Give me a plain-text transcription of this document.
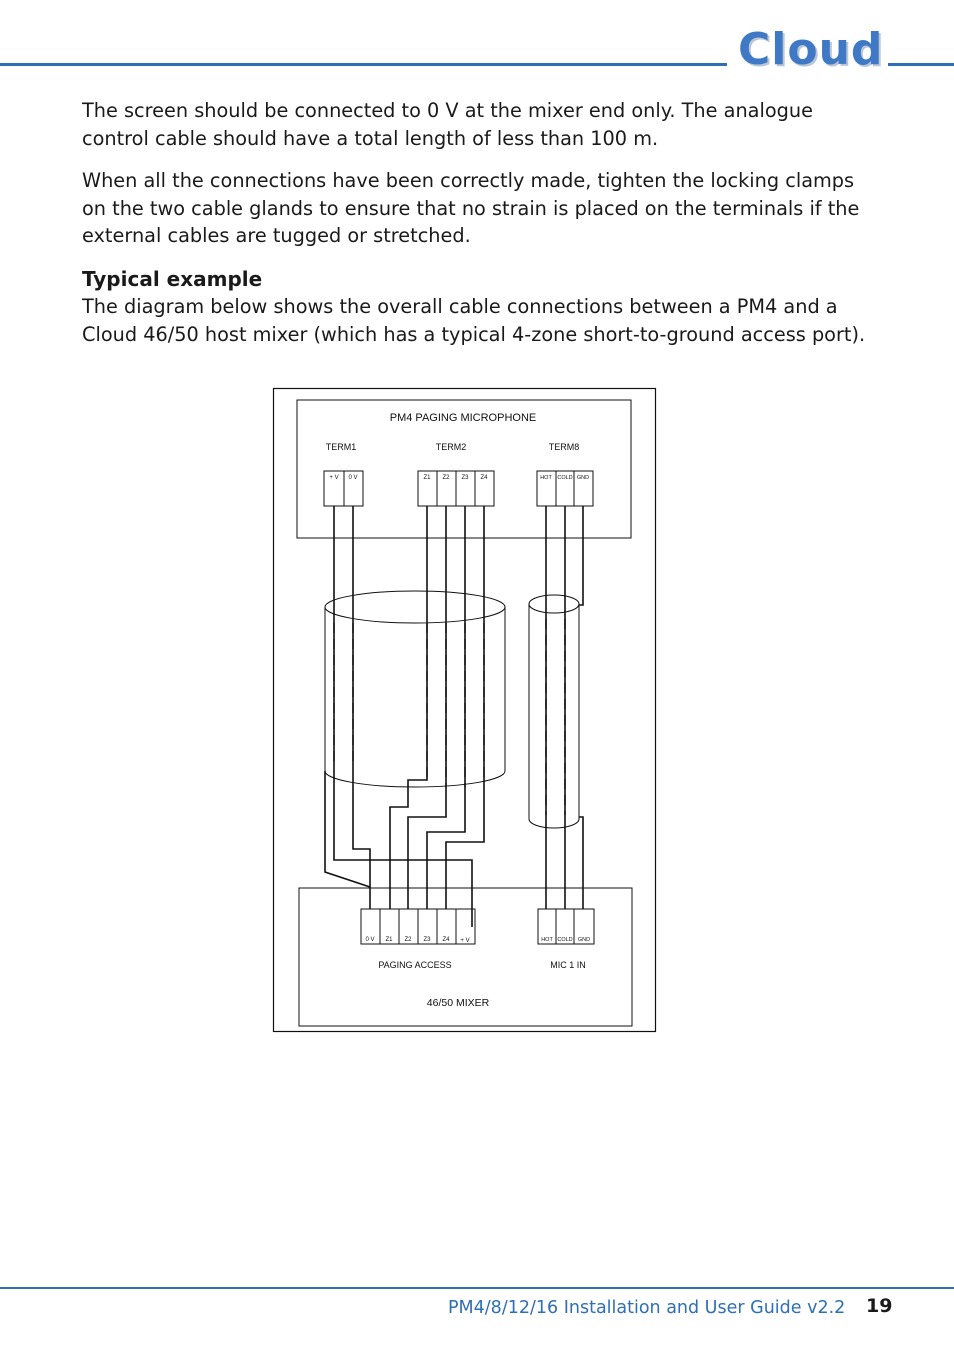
Cloud

The screen should be connected to 0 V at the mixer end only. The analogue control cable should have a total length of less than 100 m.

When all the connections have been correctly made, tighten the locking clamps on the two cable glands to ensure that no strain is placed on the terminals if the external cables are tugged or stretched.

Typical example

The diagram below shows the overall cable connections between a PM4 and a Cloud 46/50 host mixer (which has a typical 4-zone short-to-ground access port).

PM4 PAGING MICROPHONE
TERM1	TERM2	TERM8
+ V 0 V	Z1 Z2 Z3 Z4	HOT COLD GND
0 V Z1 Z2 Z3 Z4 + V	HOT COLD GND
PAGING ACCESS	MIC 1 IN
46/50 MIXER
PM4/8/12/16 Installation and User Guide v2.2 19
